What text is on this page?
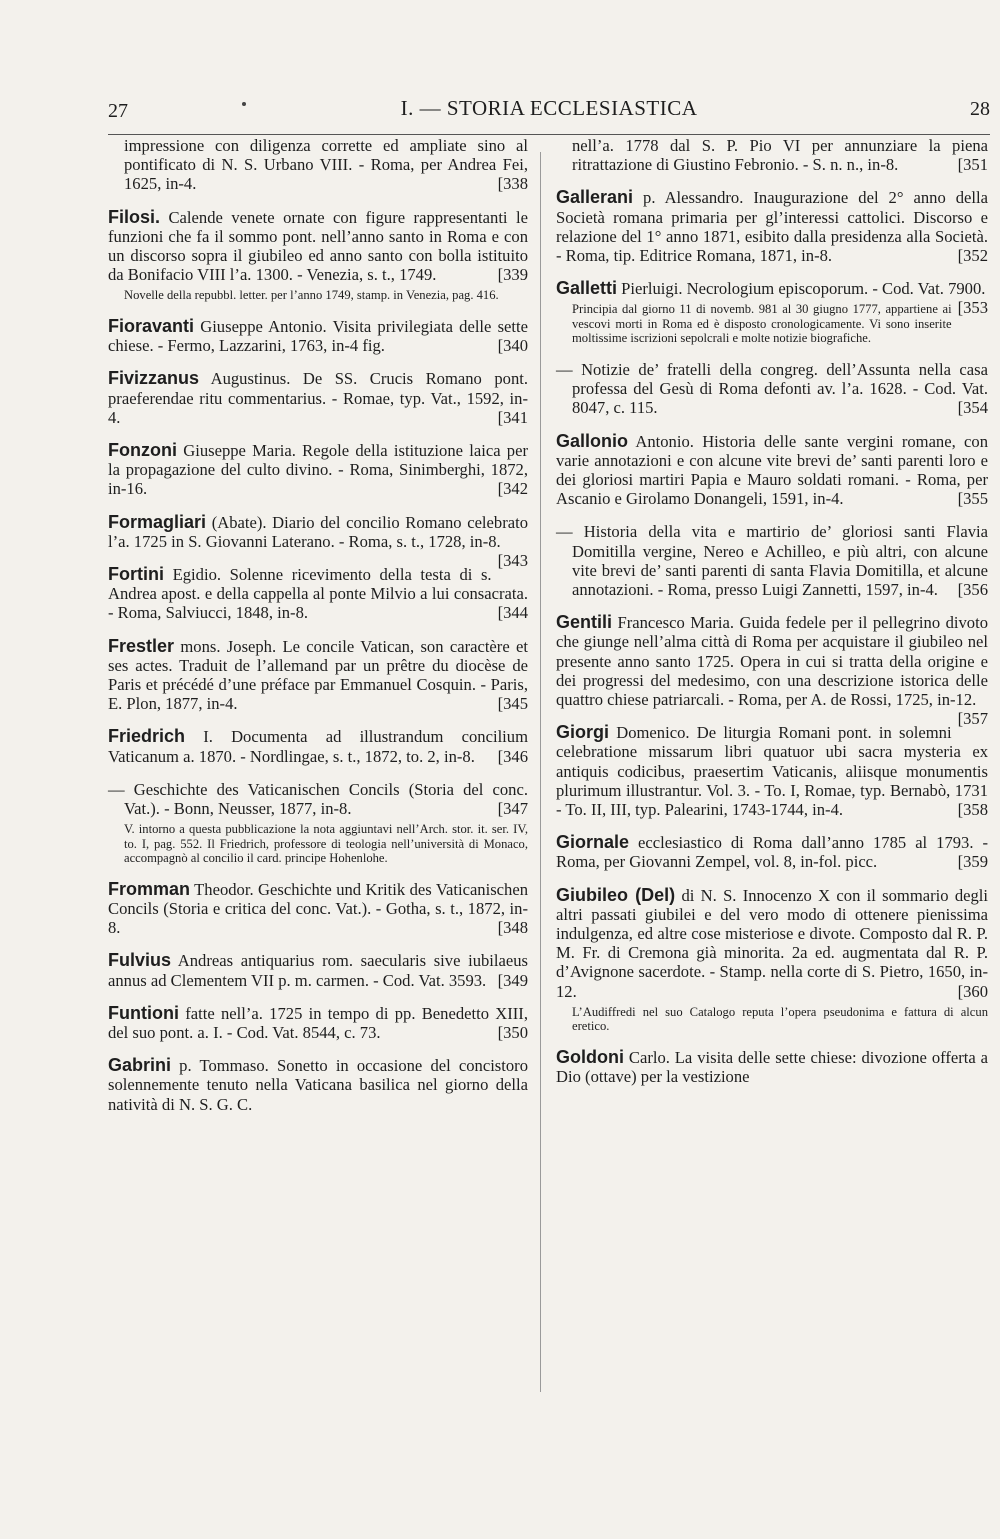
27	I. — STORIA ECCLESIASTICA	28
impressione con diligenza corrette ed ampliate sino al pontificato di N. S. Urbano VIII. - Roma, per Andrea Fei, 1625, in-4.	[338
Filosi. Calende venete ornate con figure rappresentanti le funzioni che fa il sommo pont. nell’anno santo in Roma e con un discorso sopra il giubileo ed anno santo con bolla istituito da Bonifacio VIII l’a. 1300. - Venezia, s. t., 1749.	[339
Novelle della repubbl. letter. per l’anno 1749, stamp. in Venezia, pag. 416.
Fioravanti Giuseppe Antonio. Visita privilegiata delle sette chiese. - Fermo, Lazzarini, 1763, in-4 fig.	[340
Fivizzanus Augustinus. De SS. Crucis Romano pont. praeferendae ritu commentarius. - Romae, typ. Vat., 1592, in-4.	[341
Fonzoni Giuseppe Maria. Regole della istituzione laica per la propagazione del culto divino. - Roma, Sinimberghi, 1872, in-16.	[342
Formagliari (Abate). Diario del concilio Romano celebrato l’a. 1725 in S. Giovanni Laterano. - Roma, s. t., 1728, in-8.
[343
Fortini Egidio. Solenne ricevimento della testa di s. Andrea apost. e della cappella al ponte Milvio a lui consacrata. - Roma, Salviucci, 1848, in-8.	[344
Frestler mons. Joseph. Le concile Vatican, son caractère et ses actes. Traduit de l’allemand par un prêtre du diocèse de Paris et précédé d’une préface par Emmanuel Cosquin. - Paris, E. Plon, 1877, in-4.	[345
Friedrich I. Documenta ad illustrandum concilium Vaticanum a. 1870. - Nordlingae, s. t., 1872, to. 2, in-8. [346
— Geschichte des Vaticanischen Concils (Storia del conc. Vat.). - Bonn, Neusser, 1877, in-8.	[347
V. intorno a questa pubblicazione la nota aggiuntavi nell’Arch. stor. it. ser. IV, to. I, pag. 552. Il Friedrich, professore di teologia nell’università di Monaco, accompagnò al concilio il card. principe Hohenlohe.
Fromman Theodor. Geschichte und Kritik des Vaticanischen Concils (Storia e critica del conc. Vat.). - Gotha, s. t., 1872, in-8.	[348
Fulvius Andreas antiquarius rom. saecularis sive iubilaeus annus ad Clementem VII p. m. carmen. - Cod. Vat. 3593. [349
Funtioni fatte nell’a. 1725 in tempo di pp. Benedetto XIII, del suo pont. a. I. - Cod. Vat. 8544, c. 73.	[350
Gabrini p. Tommaso. Sonetto in occasione del concistoro solennemente tenuto nella Vaticana basilica nel giorno della natività di N. S. G. C.
nell’a. 1778 dal S. P. Pio VI per annunziare la piena ritrattazione di Giustino Febronio. - S. n. n., in-8.	[351
Gallerani p. Alessandro. Inaugurazione del 2° anno della Società romana primaria per gl’interessi cattolici. Discorso e relazione del 1° anno 1871, esibito dalla presidenza alla Società. - Roma, tip. Editrice Romana, 1871, in-8.	[352
Galletti Pierluigi. Necrologium episcoporum. - Cod. Vat. 7900.
[353
Principia dal giorno 11 di novemb. 981 al 30 giugno 1777, appartiene ai vescovi morti in Roma ed è disposto cronologicamente. Vi sono inserite moltissime iscrizioni sepolcrali e molte notizie biografiche.
— Notizie de’ fratelli della congreg. dell’Assunta nella casa professa del Gesù di Roma defonti av. l’a. 1628. - Cod. Vat. 8047, c. 115.	[354
Gallonio Antonio. Historia delle sante vergini romane, con varie annotazioni e con alcune vite brevi de’ santi parenti loro e dei gloriosi martiri Papia e Mauro soldati romani. - Roma, per Ascanio e Girolamo Donangeli, 1591, in-4.	[355
— Historia della vita e martirio de’ gloriosi santi Flavia Domitilla vergine, Nereo e Achilleo, e più altri, con alcune vite brevi de’ santi parenti di santa Flavia Domitilla, et alcune annotazioni. - Roma, presso Luigi Zannetti, 1597, in-4. [356
Gentili Francesco Maria. Guida fedele per il pellegrino divoto che giunge nell’alma città di Roma per acquistare il giubileo nel presente anno santo 1725. Opera in cui si tratta della origine e dei progressi del medesimo, con una descrizione istorica delle quattro chiese patriarcali. - Roma, per A. de Rossi, 1725, in-12.
[357
Giorgi Domenico. De liturgia Romani pont. in solemni celebratione missarum libri quatuor ubi sacra mysteria ex antiquis codicibus, praesertim Vaticanis, aliisque monumentis plurimum illustrantur. Vol. 3. - To. I, Romae, typ. Bernabò, 1731 - To. II, III, typ. Palearini, 1743-1744, in-4.	[358
Giornale ecclesiastico di Roma dall’anno 1785 al 1793. - Roma, per Giovanni Zempel, vol. 8, in-fol. picc.	[359
Giubileo (Del) di N. S. Innocenzo X con il sommario degli altri passati giubilei e del vero modo di ottenere pienissima indulgenza, ed altre cose misteriose e divote. Composto dal R. P. M. Fr. di Cremona già minorita. 2a ed. augmentata dal R. P. d’Avignone sacerdote. - Stamp. nella corte di S. Pietro, 1650, in-12.	[360
L’Audiffredi nel suo Catalogo reputa l’opera pseudonima e fattura di alcun eretico.
Goldoni Carlo. La visita delle sette chiese: divozione offerta a Dio (ottave) per la vestizione
